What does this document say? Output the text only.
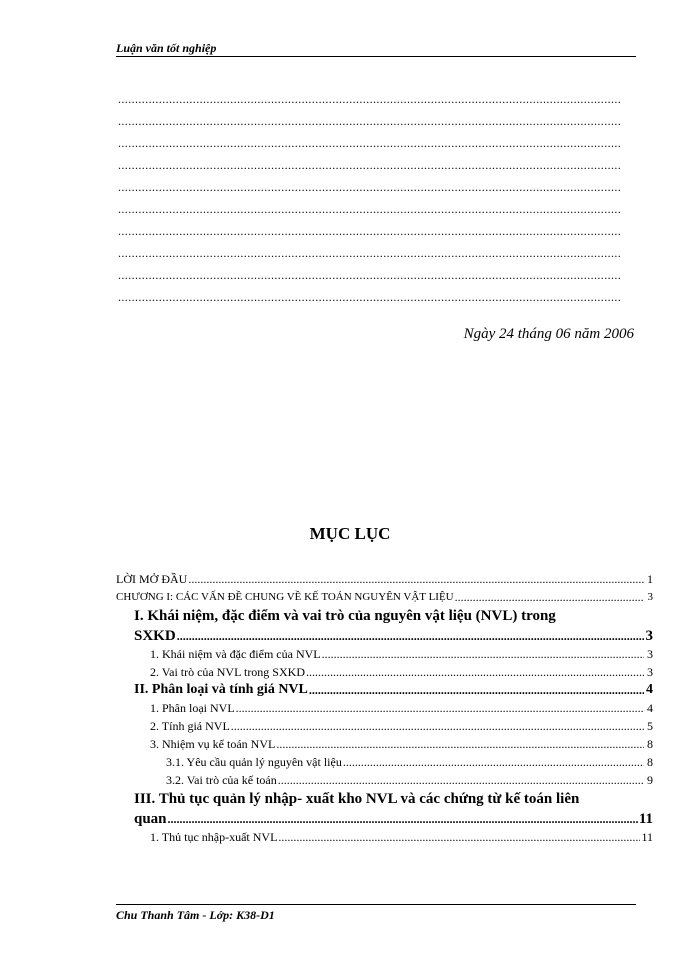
Luận văn tốt nghiệp
....................................................................................................................................................
....................................................................................................................................................
....................................................................................................................................................
....................................................................................................................................................
....................................................................................................................................................
....................................................................................................................................................
....................................................................................................................................................
....................................................................................................................................................
....................................................................................................................................................
....................................................................................................................................................
Ngày 24 tháng 06 năm 2006
MỤC LỤC
LỜI MỞ ĐẦU .....	1
CHƯƠNG I: CÁC VẤN ĐỀ CHUNG VỀ KẾ TOÁN NGUYÊN VẬT LIỆU .....	3
I. Khái niệm, đặc điểm và vai trò của nguyên vật liệu (NVL) trong
SXKD .....	3
1. Khái niệm và đặc điểm của NVL .....	3
2. Vai trò của NVL trong SXKD .....	3
II. Phân loại và tính giá NVL .....	4
1. Phân loại NVL .....	4
2. Tính giá NVL .....	5
3. Nhiệm vụ kế toán NVL .....	8
3.1. Yêu cầu quản lý nguyên vật liệu .....	8
3.2. Vai trò của kế toán .....	9
III. Thủ tục quản lý nhập- xuất kho NVL và các chứng từ kế toán liên
quan .....	11
1. Thủ tục nhập-xuất NVL .....	11
Chu Thanh Tâm - Lớp: K38-D1
